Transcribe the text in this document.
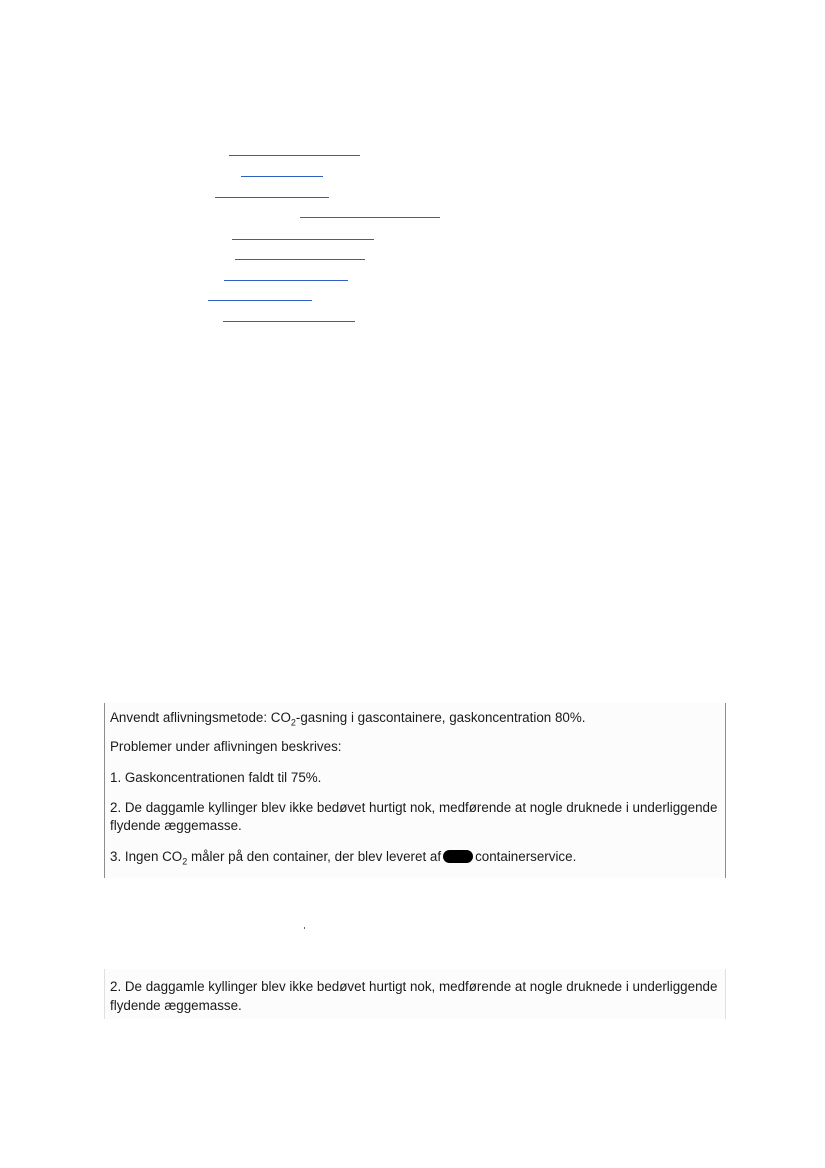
Anvendt aflivningsmetode: $CO_2$-gasning i gascontainere, gaskoncentration 80%.
Problemer under aflivningen beskrives:
1. Gaskoncentrationen faldt til 75%.
2. De daggamle kyllinger blev ikke bedøvet hurtigt nok, medførende at nogle druknede i underliggende
flydende æggemasse.
3. Ingen $CO_2$ måler på den container, der blev leveret af	containerservice.
2. De daggamle kyllinger blev ikke bedøvet hurtigt nok, medførende at nogle druknede i underliggende
flydende æggemasse.
